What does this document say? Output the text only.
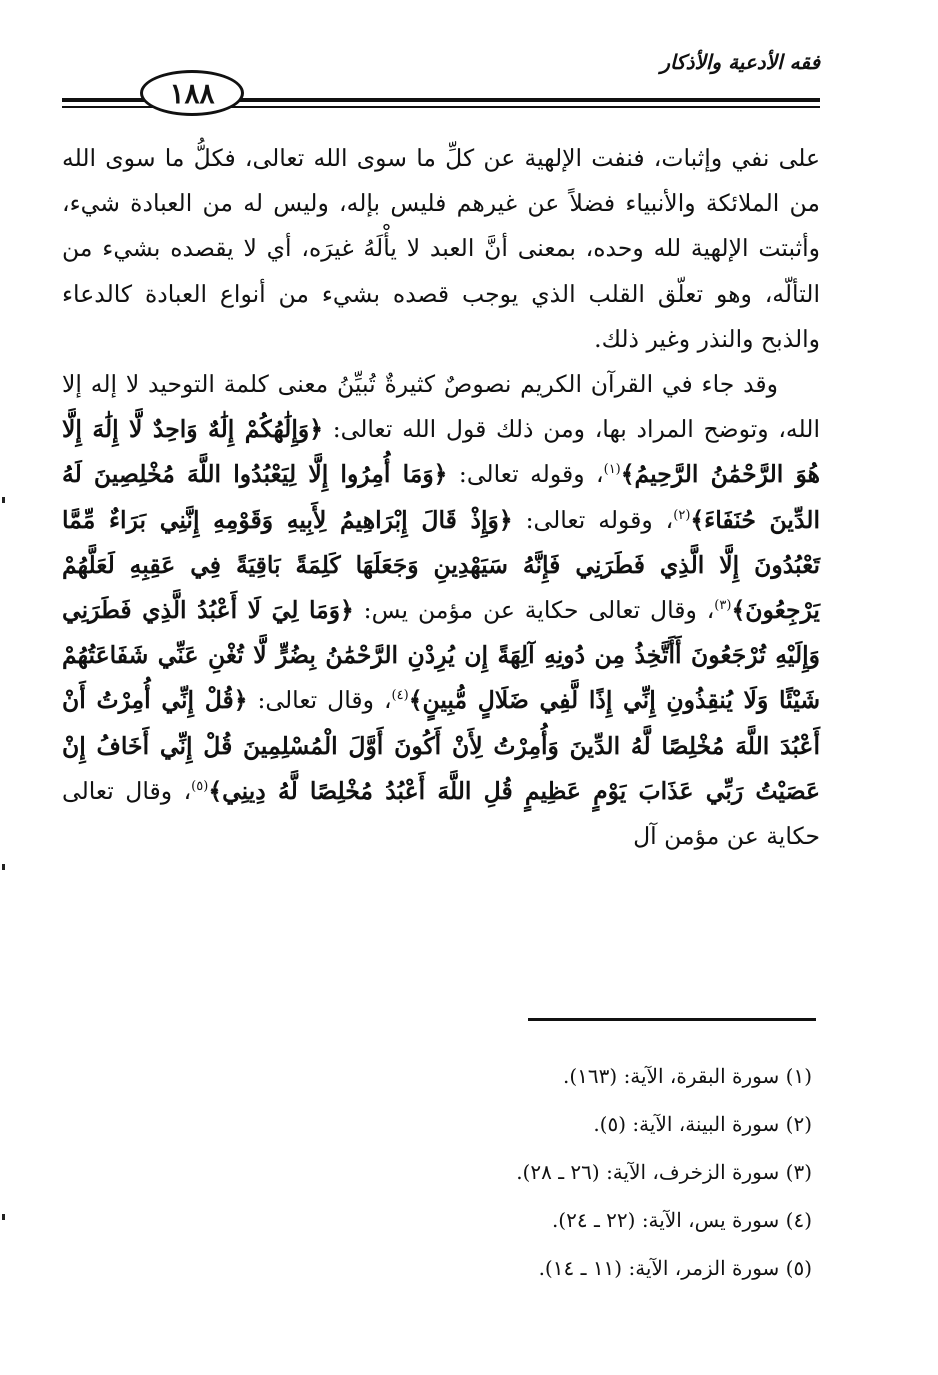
فقه الأدعية والأذكار
١٨٨

على نفي وإثبات، فنفت الإلهية عن كلِّ ما سوى الله تعالى، فكلُّ ما سوى الله من الملائكة والأنبياء فضلاً عن غيرهم فليس بإله، وليس له من العبادة شيء، وأثبتت الإلهية لله وحده، بمعنى أنَّ العبد لا يأْلَهُ غيرَه، أي لا يقصده بشيء من التألّه، وهو تعلّق القلب الذي يوجب قصده بشيء من أنواع العبادة كالدعاء والذبح والنذر وغير ذلك.

وقد جاء في القرآن الكريم نصوصٌ كثيرةٌ تُبيِّنُ معنى كلمة التوحيد لا إله إلا الله، وتوضح المراد بها، ومن ذلك قول الله تعالى: ﴿وَإِلَٰهُكُمْ إِلَٰهٌ وَاحِدٌ لَّا إِلَٰهَ إِلَّا هُوَ الرَّحْمَٰنُ الرَّحِيمُ﴾$^{(١)}$، وقوله تعالى: ﴿وَمَا أُمِرُوا إِلَّا لِيَعْبُدُوا اللَّهَ مُخْلِصِينَ لَهُ الدِّينَ حُنَفَاءَ﴾$^{(٢)}$، وقوله تعالى: ﴿وَإِذْ قَالَ إِبْرَاهِيمُ لِأَبِيهِ وَقَوْمِهِ إِنَّنِي بَرَاءٌ مِّمَّا تَعْبُدُونَ إِلَّا الَّذِي فَطَرَنِي فَإِنَّهُ سَيَهْدِينِ وَجَعَلَهَا كَلِمَةً بَاقِيَةً فِي عَقِبِهِ لَعَلَّهُمْ يَرْجِعُونَ﴾$^{(٣)}$، وقال تعالى حكاية عن مؤمن يس: ﴿وَمَا لِيَ لَا أَعْبُدُ الَّذِي فَطَرَنِي وَإِلَيْهِ تُرْجَعُونَ أَأَتَّخِذُ مِن دُونِهِ آلِهَةً إِن يُرِدْنِ الرَّحْمَٰنُ بِضُرٍّ لَّا تُغْنِ عَنِّي شَفَاعَتُهُمْ شَيْئًا وَلَا يُنقِذُونِ إِنِّي إِذًا لَّفِي ضَلَالٍ مُّبِينٍ﴾$^{(٤)}$، وقال تعالى: ﴿قُلْ إِنِّي أُمِرْتُ أَنْ أَعْبُدَ اللَّهَ مُخْلِصًا لَّهُ الدِّينَ وَأُمِرْتُ لِأَنْ أَكُونَ أَوَّلَ الْمُسْلِمِينَ قُلْ إِنِّي أَخَافُ إِنْ عَصَيْتُ رَبِّي عَذَابَ يَوْمٍ عَظِيمٍ قُلِ اللَّهَ أَعْبُدُ مُخْلِصًا لَّهُ دِينِي﴾$^{(٥)}$، وقال تعالى حكاية عن مؤمن آل

(١) سورة البقرة، الآية: (١٦٣).
(٢) سورة البينة، الآية: (٥).
(٣) سورة الزخرف، الآية: (٢٦ ـ ٢٨).
(٤) سورة يس، الآية: (٢٢ ـ ٢٤).
(٥) سورة الزمر، الآية: (١١ ـ ١٤).
